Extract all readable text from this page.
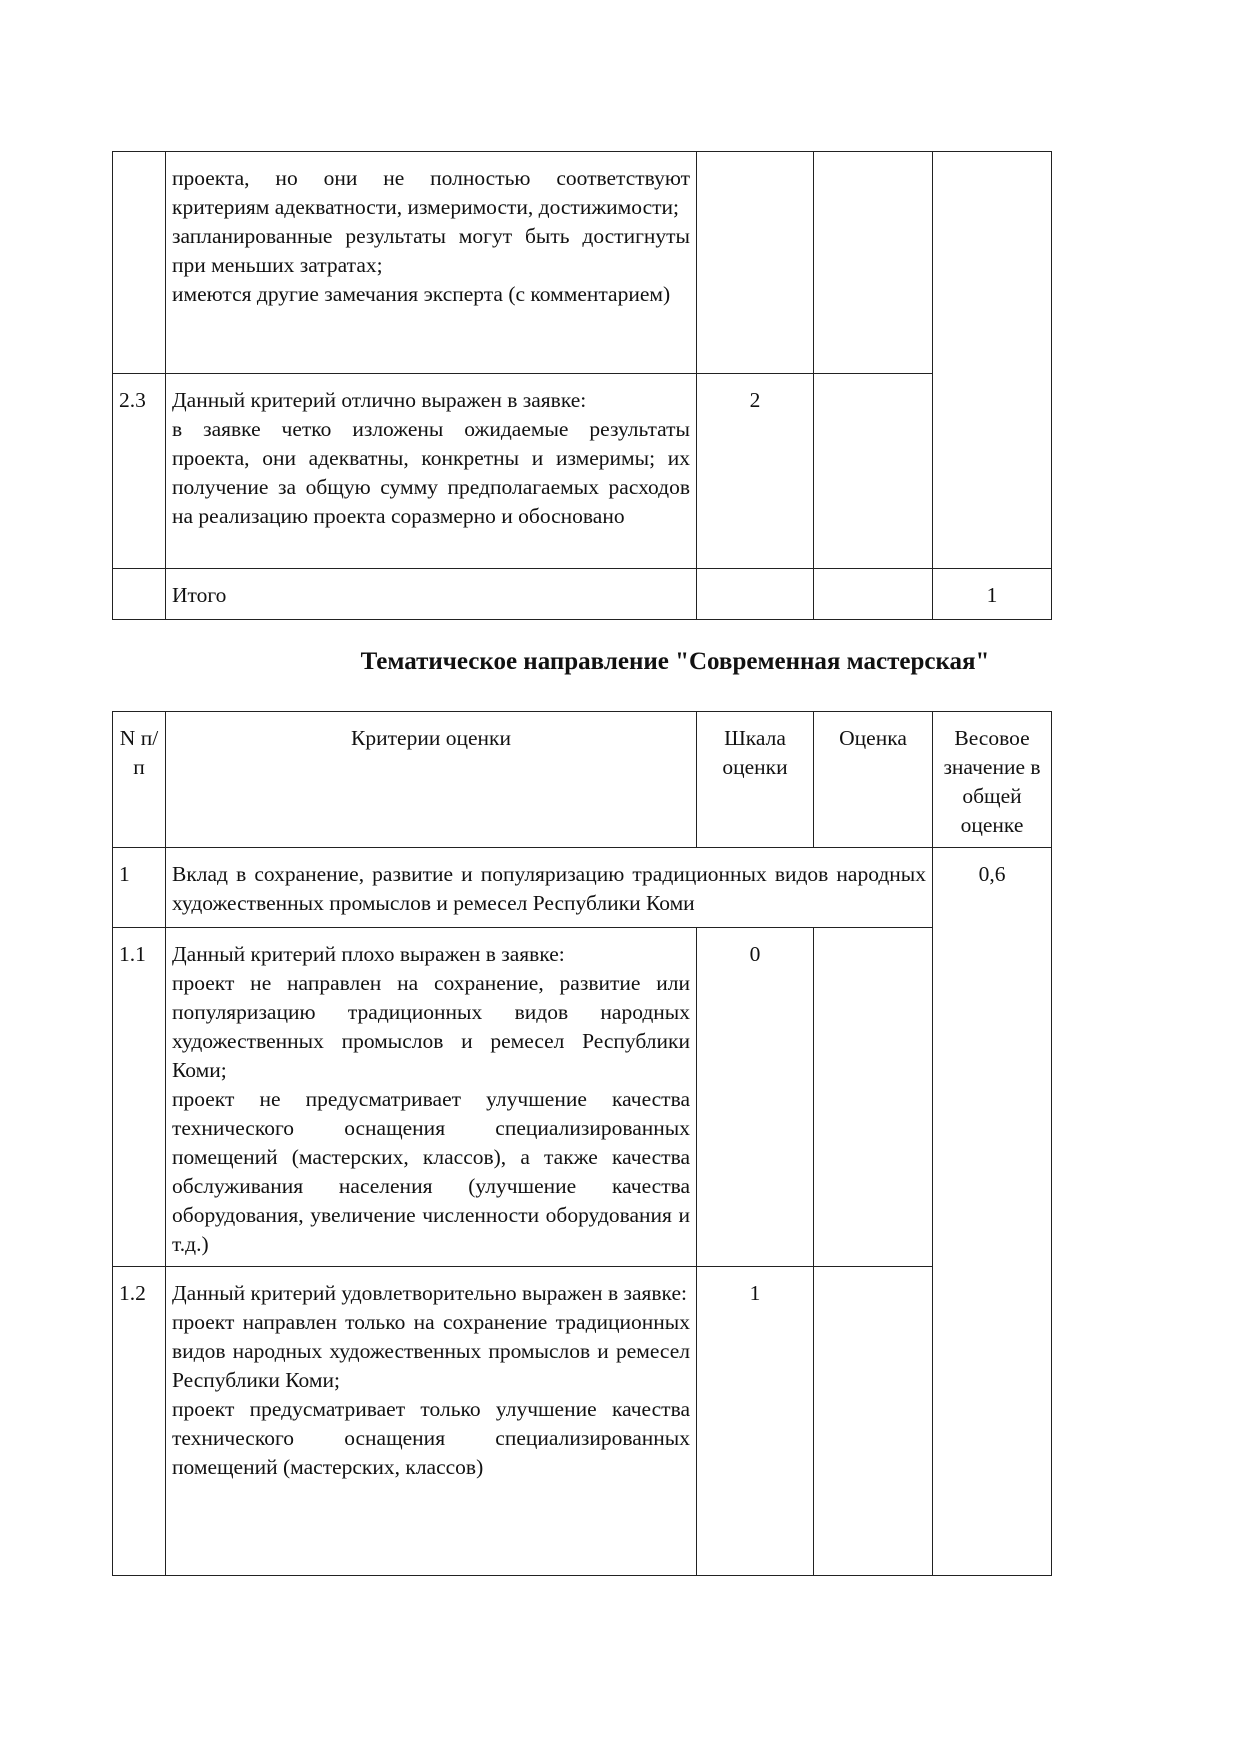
	проекта, но они не полностью соответствуют критериям адекватности, измеримости, достижимости;

запланированные результаты могут быть достигнуты при меньших затратах;

имеются другие замечания эксперта (с комментарием)			

2.3	Данный критерий отлично выражен в заявке:

в заявке четко изложены ожидаемые результаты проекта, они адекватны, конкретны и измеримы; их получение за общую сумму предполагаемых расходов на реализацию проекта соразмерно и обосновано	2		
	Итого			1
Тематическое направление "Современная мастерская"
N п/п	Критерии оценки	Шкала оценки	Оценка	Весовое значение в общей оценке
1	Вклад в сохранение, развитие и популяризацию традиционных видов народных художественных промыслов и ремесел Республики Коми			0,6
1.1	Данный критерий плохо выражен в заявке:

проект не направлен на сохранение, развитие или популяризацию традиционных видов народных художественных промыслов и ремесел Республики Коми;

проект не предусматривает улучшение качества технического оснащения специализированных помещений (мастерских, классов), а также качества обслуживания населения (улучшение качества оборудования, увеличение численности оборудования и т.д.)	0		
1.2	Данный критерий удовлетворительно выражен в заявке:

проект направлен только на сохранение традиционных видов народных художественных промыслов и ремесел Республики Коми;

проект предусматривает только улучшение качества технического оснащения специализированных помещений (мастерских, классов)	1		
